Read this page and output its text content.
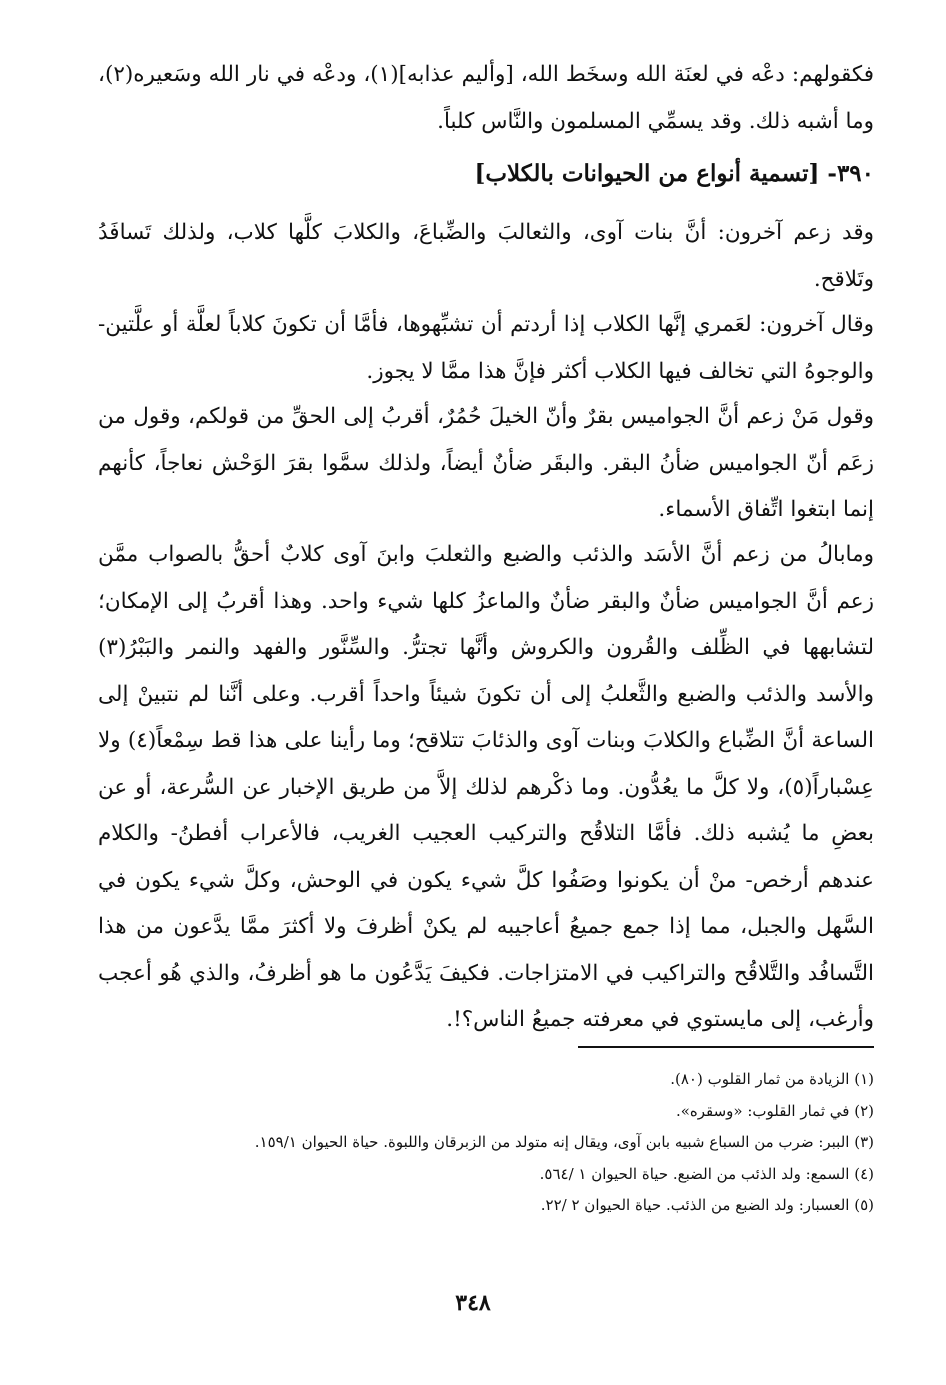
فكقولهم: دعْه في لعنَة الله وسخَط الله، [وأليم عذابه](١)، ودعْه في نار الله وسَعيره(٢)، وما أشبه ذلك. وقد يسمِّي المسلمون والنَّاس كلباً.

٣٩٠- [تسمية أنواع من الحيوانات بالكلاب]

وقد زعم آخرون: أنَّ بنات آوى، والثعالبَ والضِّباعَ، والكلابَ كلَّها كلاب، ولذلك تَسافَدُ وتَلاقح.

وقال آخرون: لعَمري إنَّها الكلاب إذا أردتم أن تشبِّهوها، فأمَّا أن تكونَ كلاباً لعلَّة أو علَّتين- والوجوهُ التي تخالف فيها الكلاب أكثر فإنَّ هذا ممَّا لا يجوز.

وقول مَنْ زعم أنَّ الجواميس بقرٌ وأنّ الخيلَ حُمُرٌ، أقربُ إلى الحقِّ من قولكم، وقول من زعَم أنّ الجواميس ضأنُ البقر. والبقَر ضأنٌ أيضاً، ولذلك سمَّوا بقرَ الوَحْش نعاجاً، كأنهم إنما ابتغوا اتِّفاق الأسماء.

ومابالُ من زعم أنَّ الأسَد والذئب والضبع والثعلبَ وابنَ آوى كلابٌ أحقُّ بالصواب ممَّن زعم أنَّ الجواميس ضأنٌ والبقر ضأنٌ والماعزُ كلها شيء واحد. وهذا أقربُ إلى الإمكان؛ لتشابهها في الظِّلف والقُرون والكروش وأنَّها تجترُّ. والسِّنَّور والفهد والنمر والبَبْرُ(٣) والأسد والذئب والضبع والثَّعلبُ إلى أن تكونَ شيئاً واحداً أقرب. وعلى أنَّنا لم نتبينْ إلى الساعة أنَّ الضِّباع والكلابَ وبنات آوى والذئابَ تتلاقح؛ وما رأينا على هذا قط سِمْعاً(٤) ولا عِسْباراً(٥)، ولا كلَّ ما يعُدُّون. وما ذكْرهم لذلك إلاَّ من طريق الإخبار عن السُّرعة، أو عن بعضِ ما يُشبه ذلك. فأمَّا التلاقُح والتركيب العجيب الغريب، فالأعراب أفطنُ- والكلام عندهم أرخص- منْ أن يكونوا وصَفُوا كلَّ شيء يكون في الوحش، وكلَّ شيء يكون في السَّهل والجبل، مما إذا جمع جميعُ أعاجيبه لم يكنْ أظرفَ ولا أكثرَ ممَّا يدَّعون من هذا التَّسافُد والتَّلاقُح والتراكيب في الامتزاجات. فكيفَ يَدَّعُون ما هو أظرفُ، والذي هُو أعجب وأرغب، إلى مايستوي في معرفته جميعُ الناس؟!.

(١) الزيادة من ثمار القلوب (٨٠).

(٢) في ثمار القلوب: «وسقره».

(٣) الببر: ضرب من السباع شبيه بابن آوى، ويقال إنه متولد من الزبرقان واللبوة. حياة الحيوان ١٥٩/١.

(٤) السمع: ولد الذئب من الضبع. حياة الحيوان ١ /٥٦٤.

(٥) العسبار: ولد الضبع من الذئب. حياة الحيوان ٢ /٢٢.

٣٤٨
